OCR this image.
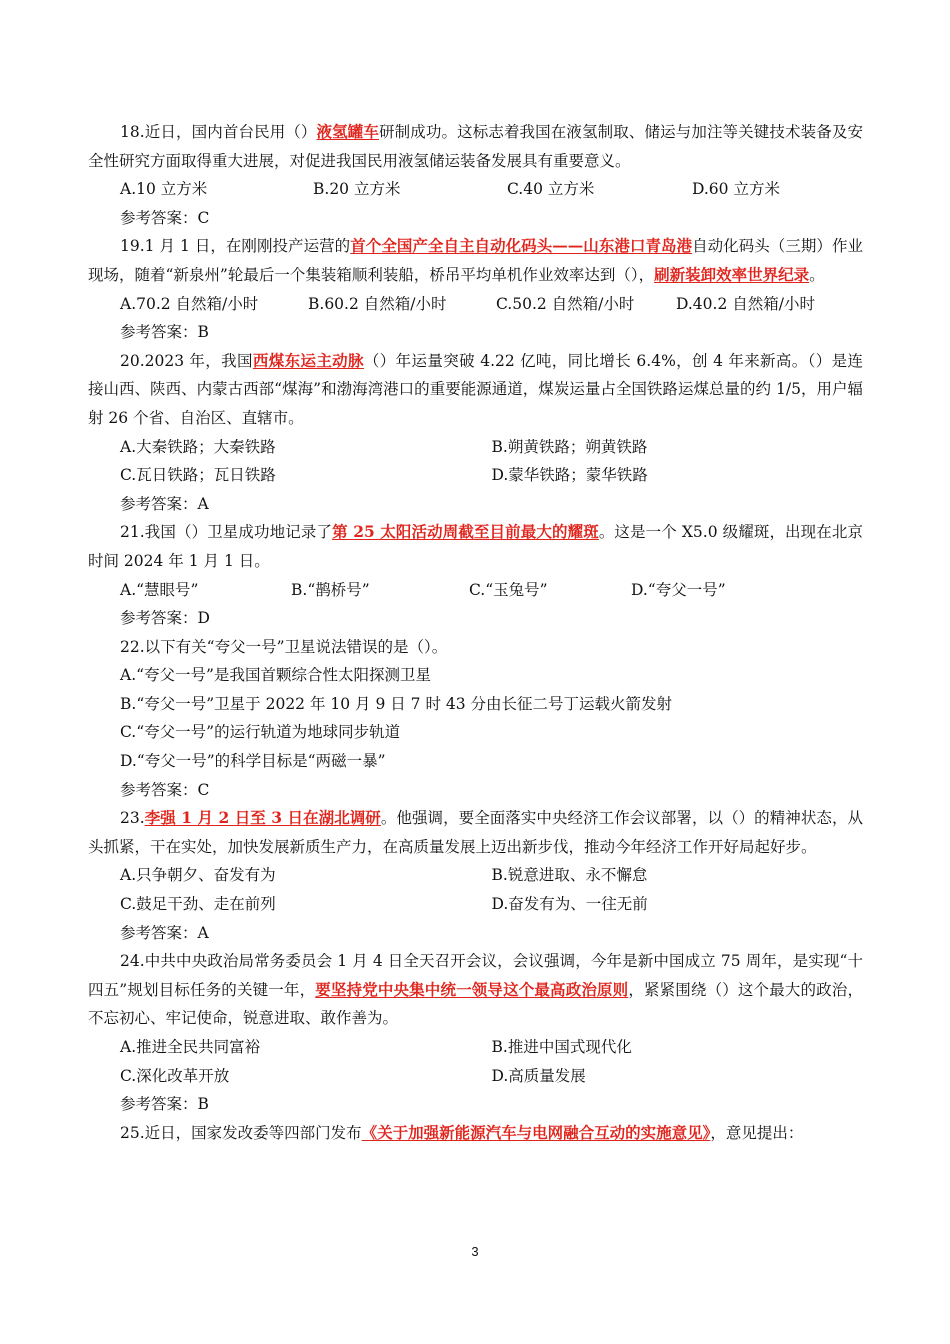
18.近日，国内首台民用（）液氢罐车研制成功。这标志着我国在液氢制取、储运与加注等关键技术装备及安全性研究方面取得重大进展，对促进我国民用液氢储运装备发展具有重要意义。

A.10 立方米	B.20 立方米	C.40 立方米	D.60 立方米

参考答案：C

19.1 月 1 日，在刚刚投产运营的首个全国产全自主自动化码头——山东港口青岛港自动化码头（三期）作业现场，随着“新泉州”轮最后一个集装箱顺利装船，桥吊平均单机作业效率达到（），刷新装卸效率世界纪录。

A.70.2 自然箱/小时	B.60.2 自然箱/小时	C.50.2 自然箱/小时	D.40.2 自然箱/小时

参考答案：B

20.2023 年，我国西煤东运主动脉（）年运量突破 4.22 亿吨，同比增长 6.4%，创 4 年来新高。（）是连接山西、陕西、内蒙古西部“煤海”和渤海湾港口的重要能源通道，煤炭运量占全国铁路运煤总量的约 1/5，用户辐射 26 个省、自治区、直辖市。

A.大秦铁路；大秦铁路	B.朔黄铁路；朔黄铁路
C.瓦日铁路；瓦日铁路	D.蒙华铁路；蒙华铁路

参考答案：A

21.我国（）卫星成功地记录了第 25 太阳活动周截至目前最大的耀斑。这是一个 X5.0 级耀斑，出现在北京时间 2024 年 1 月 1 日。

A.“慧眼号”	B.“鹊桥号”	C.“玉兔号”	D.“夸父一号”

参考答案：D

22.以下有关“夸父一号”卫星说法错误的是（）。

A.“夸父一号”是我国首颗综合性太阳探测卫星

B.“夸父一号”卫星于 2022 年 10 月 9 日 7 时 43 分由长征二号丁运载火箭发射

C.“夸父一号”的运行轨道为地球同步轨道

D.“夸父一号”的科学目标是“两磁一暴”

参考答案：C

23.李强 1 月 2 日至 3 日在湖北调研。他强调，要全面落实中央经济工作会议部署，以（）的精神状态，从头抓紧，干在实处，加快发展新质生产力，在高质量发展上迈出新步伐，推动今年经济工作开好局起好步。

A.只争朝夕、奋发有为	B.锐意进取、永不懈怠
C.鼓足干劲、走在前列	D.奋发有为、一往无前

参考答案：A

24.中共中央政治局常务委员会 1 月 4 日全天召开会议，会议强调，今年是新中国成立 75 周年，是实现“十四五”规划目标任务的关键一年，要坚持党中央集中统一领导这个最高政治原则，紧紧围绕（）这个最大的政治，不忘初心、牢记使命，锐意进取、敢作善为。

A.推进全民共同富裕	B.推进中国式现代化
C.深化改革开放	D.高质量发展

参考答案：B

25.近日，国家发改委等四部门发布《关于加强新能源汽车与电网融合互动的实施意见》，意见提出：

3
